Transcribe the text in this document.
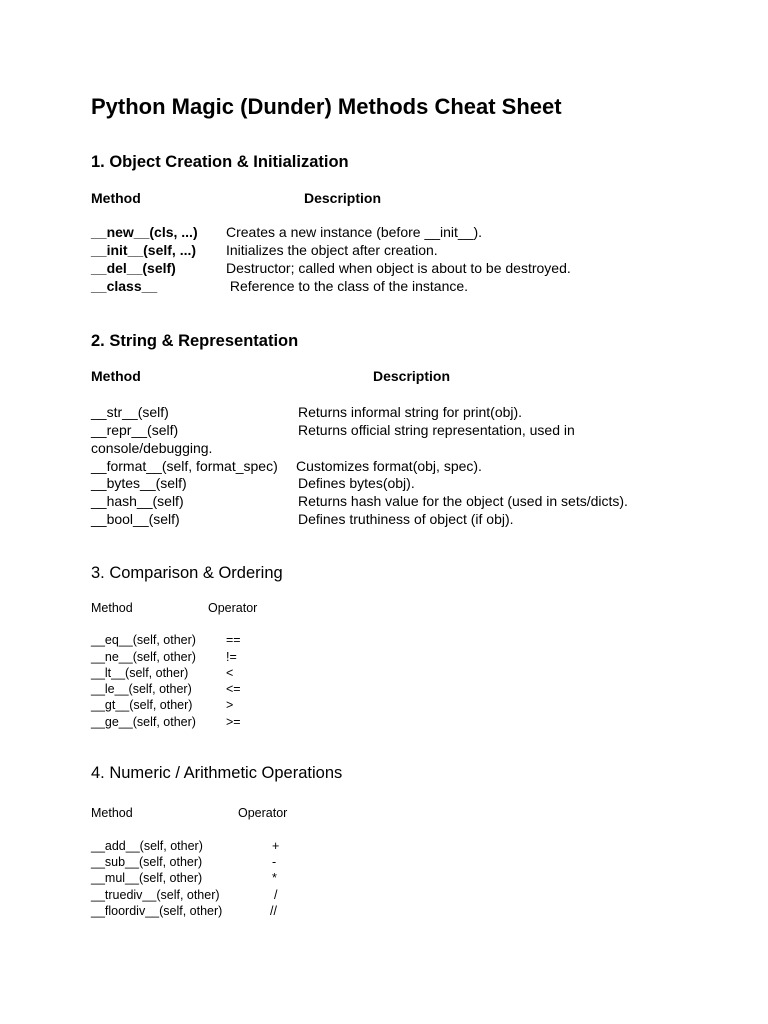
Python Magic (Dunder) Methods Cheat Sheet
1. Object Creation & Initialization
Method	Description
__new__(cls, ...) Creates a new instance (before __init__).
__init__(self, ...) Initializes the object after creation.
__del__(self)	Destructor; called when object is about to be destroyed.
__class__	Reference to the class of the instance.
2. String & Representation
Method	Description
__str__(self)	Returns informal string for print(obj).
__repr__(self)	Returns official string representation, used in
console/debugging.
__format__(self, format_spec) Customizes format(obj, spec).
__bytes__(self)	Defines bytes(obj).
__hash__(self)	Returns hash value for the object (used in sets/dicts).
__bool__(self)	Defines truthiness of object (if obj).
3. Comparison & Ordering
Method	Operator
__eq__(self, other) ==
__ne__(self, other) !=
__lt__(self, other)	<
__le__(self, other)	<=
__gt__(self, other)	>
__ge__(self, other) >=
4. Numeric / Arithmetic Operations
Method	Operator
__add__(self, other)	+
__sub__(self, other)	-
__mul__(self, other)	*
__truediv__(self, other)	/
__floordiv__(self, other)	//
